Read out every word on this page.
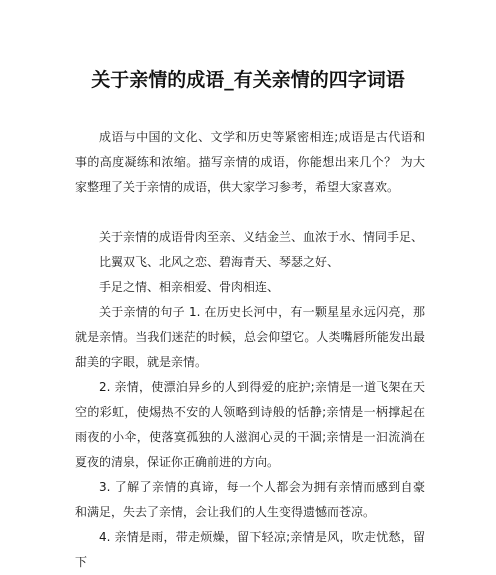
关于亲情的成语_有关亲情的四字词语

成语与中国的文化、文学和历史等紧密相连;成语是古代语和事的高度凝练和浓缩。描写亲情的成语，你能想出来几个？ 为大家整理了关于亲情的成语，供大家学习参考，希望大家喜欢。

关于亲情的成语骨肉至亲、义结金兰、血浓于水、情同手足、

比翼双飞、北风之恋、碧海青天、琴瑟之好、

手足之情、相亲相爱、骨肉相连、

关于亲情的句子 1. 在历史长河中，有一颗星星永远闪亮，那就是亲情。当我们迷茫的时候，总会仰望它。人类嘴唇所能发出最甜美的字眼，就是亲情。

2. 亲情，使漂泊异乡的人到得爱的庇护;亲情是一道飞架在天空的彩虹，使焬热不安的人领略到诗般的恬静;亲情是一柄撑起在雨夜的小伞，使落寞孤独的人滋润心灵的干涸;亲情是一汩流淌在夏夜的清泉，保证你正确前进的方向。

3. 了解了亲情的真谛，每一个人都会为拥有亲情而感到自豪和满足，失去了亲情，会让我们的人生变得遗憾而苍凉。

4. 亲情是雨，带走烦燥，留下轻凉;亲情是风，吹走忧愁，留下
